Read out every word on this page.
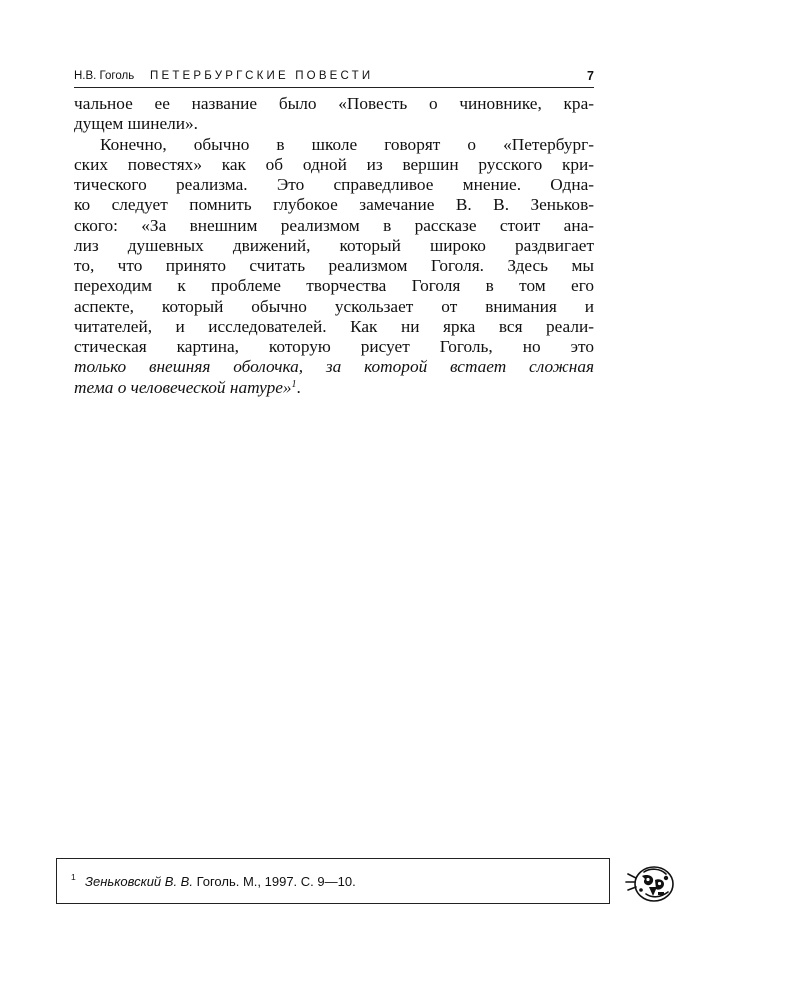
Н.В. Гоголь ПЕТЕРБУРГСКИЕ ПОВЕСТИ	7
чальное ее название было «Повесть о чиновнике, кра-
дущем шинели».
Конечно, обычно в школе говорят о «Петербург-
ских повестях» как об одной из вершин русского кри-
тического реализма. Это справедливое мнение. Одна-
ко следует помнить глубокое замечание В. В. Зеньков-
ского: «За внешним реализмом в рассказе стоит ана-
лиз душевных движений, который широко раздвигает
то, что принято считать реализмом Гоголя. Здесь мы
переходим к проблеме творчества Гоголя в том его
аспекте, который обычно ускользает от внимания и
читателей, и исследователей. Как ни ярка вся реали-
стическая картина, которую рисует Гоголь, но это
только внешняя оболочка, за которой встает сложная
тема о человеческой натуре»$^1$.
1 Зеньковский В. В. Гоголь. М., 1997. С. 9—10.
